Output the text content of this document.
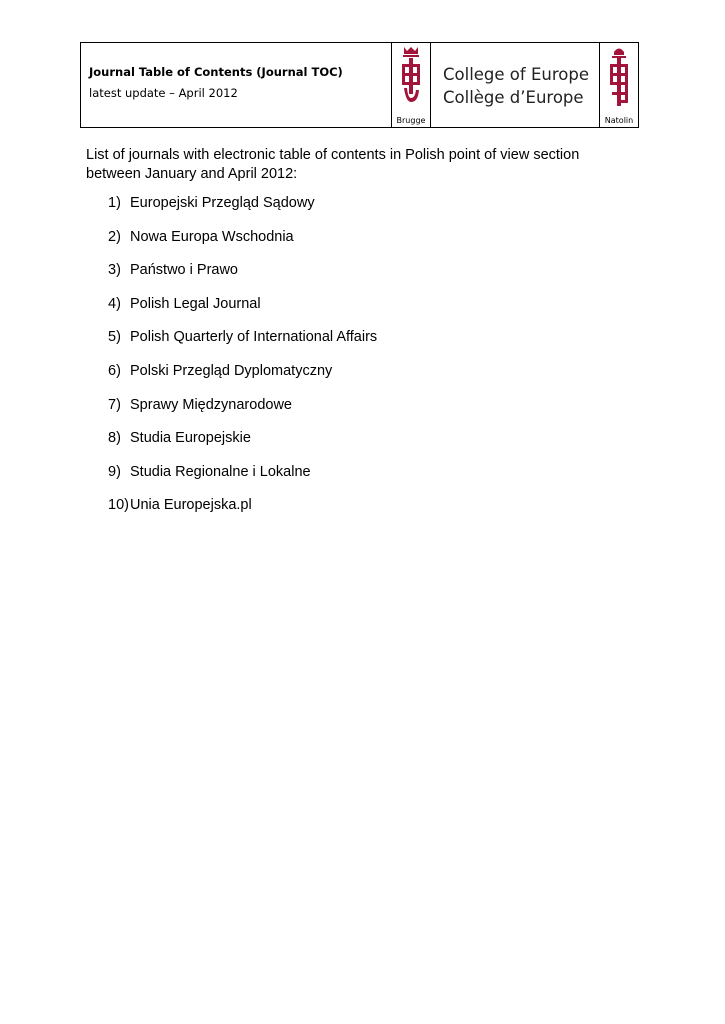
Journal Table of Contents (Journal TOC)
latest update – April 2012
Brugge
College of Europe
Collège d’Europe
Natolin
List of journals with electronic table of contents in Polish point of view section between January and April 2012:
1) Europejski Przegląd Sądowy
2) Nowa Europa Wschodnia
3) Państwo i Prawo
4) Polish Legal Journal
5) Polish Quarterly of International Affairs
6) Polski Przegląd Dyplomatyczny
7) Sprawy Międzynarodowe
8) Studia Europejskie
9) Studia Regionalne i Lokalne
10) Unia Europejska.pl
